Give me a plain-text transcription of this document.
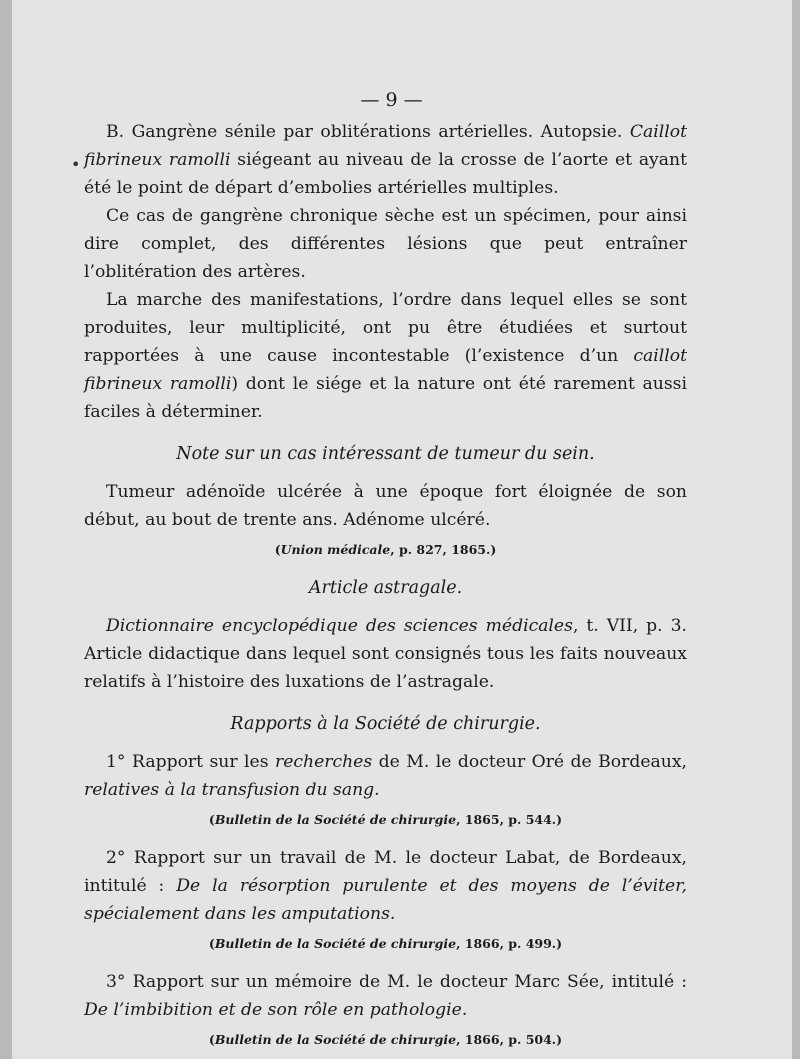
•
— 9 —

B. Gangrène sénile par oblitérations artérielles. Autopsie. Caillot fibrineux ramolli siégeant au niveau de la crosse de l’aorte et ayant été le point de départ d’embolies artérielles multiples.

Ce cas de gangrène chronique sèche est un spécimen, pour ainsi dire complet, des différentes lésions que peut entraîner l’oblitération des artères.

La marche des manifestations, l’ordre dans lequel elles se sont produites, leur multiplicité, ont pu être étudiées et surtout rapportées à une cause incontestable (l’existence d’un caillot fibrineux ramolli) dont le siége et la nature ont été rarement aussi faciles à déterminer.

Note sur un cas intéressant de tumeur du sein.

Tumeur adénoïde ulcérée à une époque fort éloignée de son début, au bout de trente ans. Adénome ulcéré.

(Union médicale, p. 827, 1865.)
Article astragale.

Dictionnaire encyclopédique des sciences médicales, t. VII, p. 3. Article didactique dans lequel sont consignés tous les faits nouveaux relatifs à l’histoire des luxations de l’astragale.

Rapports à la Société de chirurgie.

1° Rapport sur les recherches de M. le docteur Oré de Bordeaux, relatives à la transfusion du sang.

(Bulletin de la Société de chirurgie, 1865, p. 544.)

2° Rapport sur un travail de M. le docteur Labat, de Bordeaux, intitulé : De la résorption purulente et des moyens de l’éviter, spécialement dans les amputations.

(Bulletin de la Société de chirurgie, 1866, p. 499.)

3° Rapport sur un mémoire de M. le docteur Marc Sée, intitulé : De l’imbibition et de son rôle en pathologie.

(Bulletin de la Société de chirurgie, 1866, p. 504.)
